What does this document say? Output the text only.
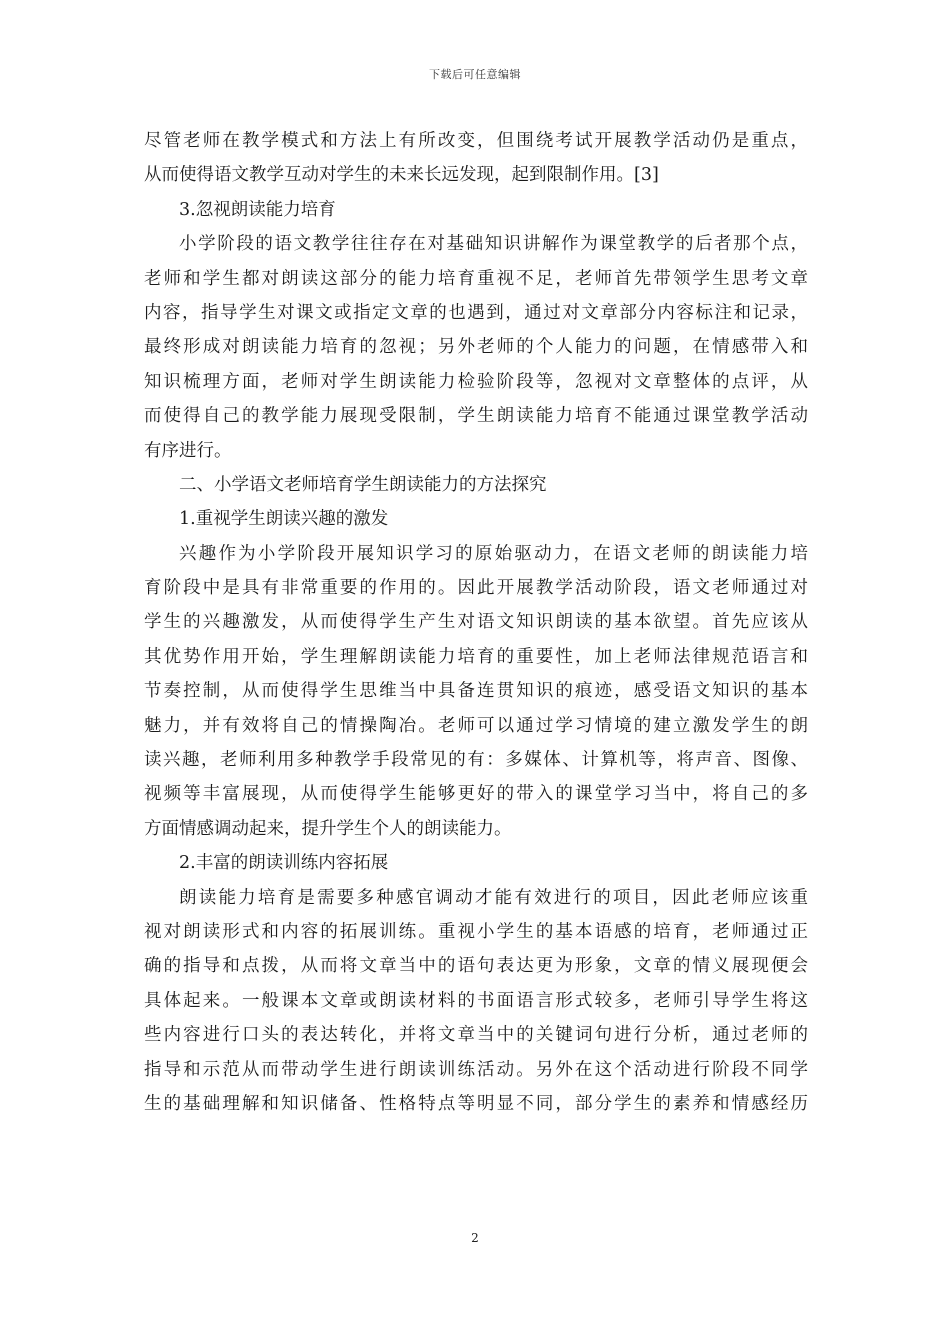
下载后可任意编辑
尽管老师在教学模式和方法上有所改变，但围绕考试开展教学活动仍是重点，
从而使得语文教学互动对学生的未来长远发现，起到限制作用。[3]
3.忽视朗读能力培育
小学阶段的语文教学往往存在对基础知识讲解作为课堂教学的后者那个点，
老师和学生都对朗读这部分的能力培育重视不足，老师首先带领学生思考文章
内容，指导学生对课文或指定文章的也遇到，通过对文章部分内容标注和记录，
最终形成对朗读能力培育的忽视；另外老师的个人能力的问题，在情感带入和
知识梳理方面，老师对学生朗读能力检验阶段等，忽视对文章整体的点评，从
而使得自己的教学能力展现受限制，学生朗读能力培育不能通过课堂教学活动
有序进行。
二、小学语文老师培育学生朗读能力的方法探究
1.重视学生朗读兴趣的激发
兴趣作为小学阶段开展知识学习的原始驱动力，在语文老师的朗读能力培
育阶段中是具有非常重要的作用的。因此开展教学活动阶段，语文老师通过对
学生的兴趣激发，从而使得学生产生对语文知识朗读的基本欲望。首先应该从
其优势作用开始，学生理解朗读能力培育的重要性，加上老师法律规范语言和
节奏控制，从而使得学生思维当中具备连贯知识的痕迹，感受语文知识的基本
魅力，并有效将自己的情操陶冶。老师可以通过学习情境的建立激发学生的朗
读兴趣，老师利用多种教学手段常见的有：多媒体、计算机等，将声音、图像、
视频等丰富展现，从而使得学生能够更好的带入的课堂学习当中，将自己的多
方面情感调动起来，提升学生个人的朗读能力。
2.丰富的朗读训练内容拓展
朗读能力培育是需要多种感官调动才能有效进行的项目，因此老师应该重
视对朗读形式和内容的拓展训练。重视小学生的基本语感的培育，老师通过正
确的指导和点拨，从而将文章当中的语句表达更为形象，文章的情义展现便会
具体起来。一般课本文章或朗读材料的书面语言形式较多，老师引导学生将这
些内容进行口头的表达转化，并将文章当中的关键词句进行分析，通过老师的
指导和示范从而带动学生进行朗读训练活动。另外在这个活动进行阶段不同学
生的基础理解和知识储备、性格特点等明显不同，部分学生的素养和情感经历
2
